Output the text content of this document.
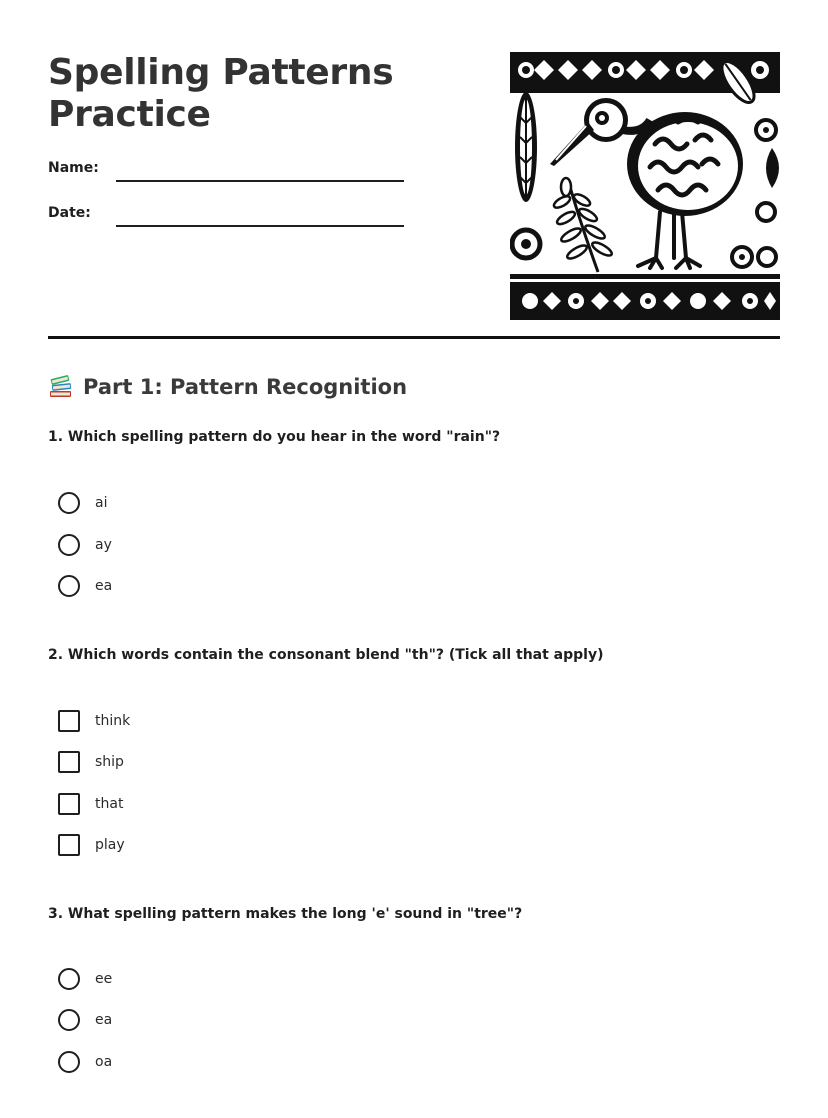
Spelling Patterns Practice
Name:
Date:
Part 1: Pattern Recognition

1. Which spelling pattern do you hear in the word "rain"?

ai
ay
ea

2. Which words contain the consonant blend "th"? (Tick all that apply)

think
ship
that
play

3. What spelling pattern makes the long 'e' sound in "tree"?

ee
ea
oa
